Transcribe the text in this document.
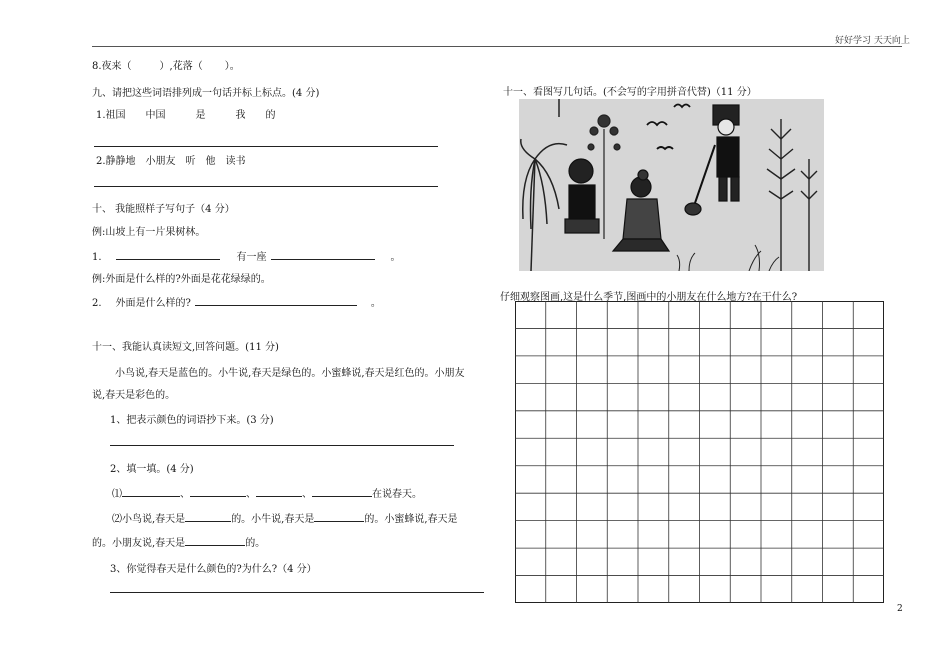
好好学习 天天向上
8.夜来（	）,花落（ ）。
九、请把这些词语排列成一句话并标上标点。(4 分)
1.祖国　　中国　　　是　　　我　　的
2.静静地　小朋友　听　他　读书
十、 我能照样子写句子（4 分）
例:山坡上有一片果树林。
1.	有一座	。
例:外面是什么样的?外面是花花绿绿的。
2. 外面是什么样的?	。
十一、我能认真读短文,回答问题。(11 分)
小鸟说,春天是蓝色的。小牛说,春天是绿色的。小蜜蜂说,春天是红色的。小朋友
说,春天是彩色的。
1、把表示颜色的词语抄下来。(3 分)
2、填一填。(4 分)
⑴	、	、	、	在说春天。
⑵小鸟说,春天是	的。小牛说,春天是	的。小蜜蜂说,春天是
的。小朋友说,春天是	的。
3、你觉得春天是什么颜色的?为什么?（4 分）
十一、看图写几句话。(不会写的字用拼音代替)（11 分）
仔细观察图画,这是什么季节,图画中的小朋友在什么地方?在干什么?
2
